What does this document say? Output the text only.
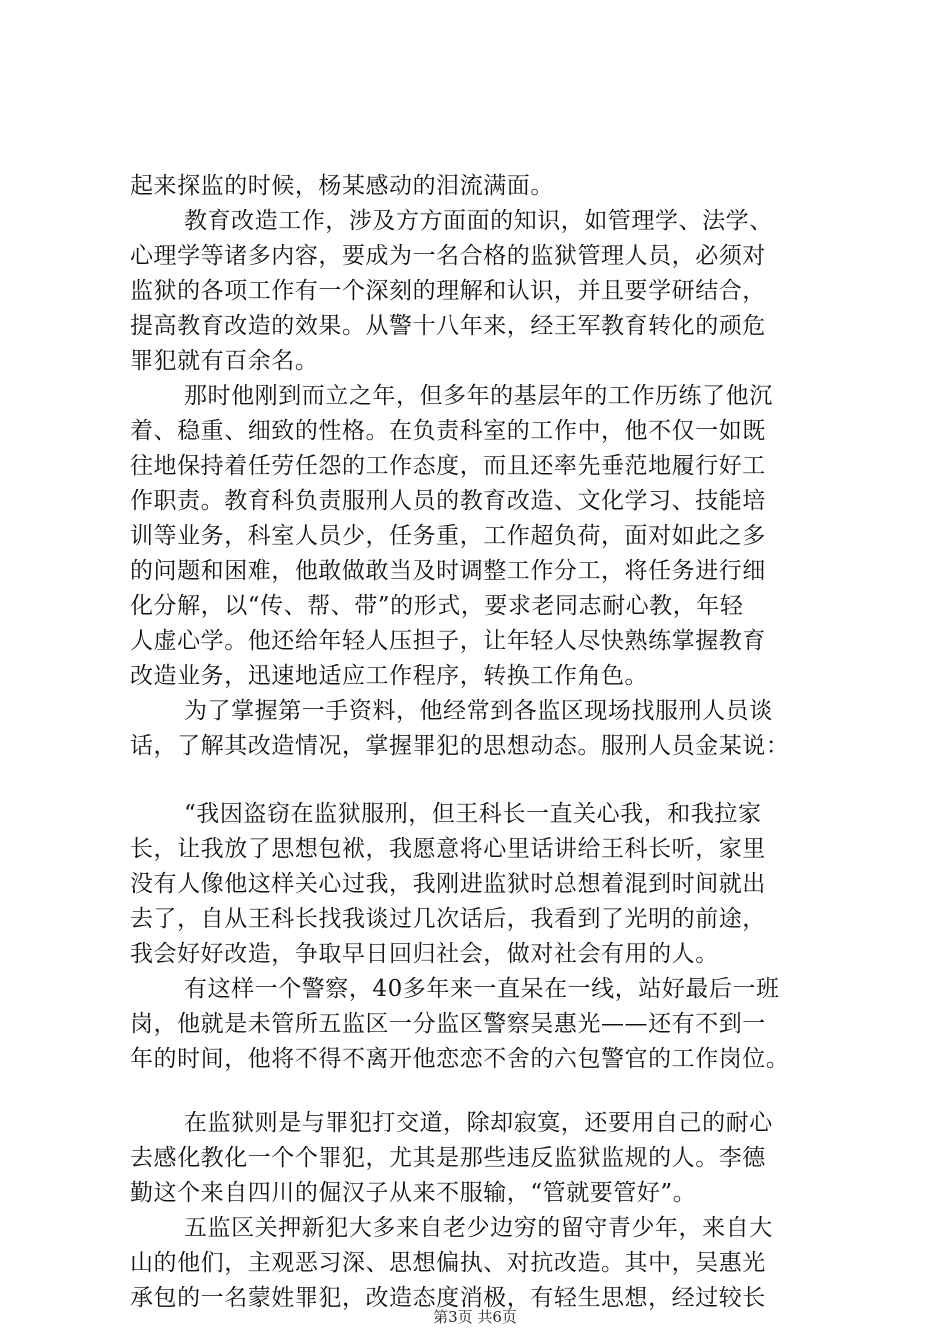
起来探监的时候，杨某感动的泪流满面。
教育改造工作，涉及方方面面的知识，如管理学、法学、
心理学等诸多内容，要成为一名合格的监狱管理人员，必须对
监狱的各项工作有一个深刻的理解和认识，并且要学研结合，
提高教育改造的效果。从警十八年来，经王军教育转化的顽危
罪犯就有百余名。
那时他刚到而立之年，但多年的基层年的工作历练了他沉
着、稳重、细致的性格。在负责科室的工作中，他不仅一如既
往地保持着任劳任怨的工作态度，而且还率先垂范地履行好工
作职责。教育科负责服刑人员的教育改造、文化学习、技能培
训等业务，科室人员少，任务重，工作超负荷，面对如此之多
的问题和困难，他敢做敢当及时调整工作分工，将任务进行细
化分解，以“传、帮、带”的形式，要求老同志耐心教，年轻
人虚心学。他还给年轻人压担子，让年轻人尽快熟练掌握教育
改造业务，迅速地适应工作程序，转换工作角色。
为了掌握第一手资料，他经常到各监区现场找服刑人员谈
话，了解其改造情况，掌握罪犯的思想动态。服刑人员金某说：
“我因盗窃在监狱服刑，但王科长一直关心我，和我拉家
长，让我放了思想包袱，我愿意将心里话讲给王科长听，家里
没有人像他这样关心过我，我刚进监狱时总想着混到时间就出
去了，自从王科长找我谈过几次话后，我看到了光明的前途，
我会好好改造，争取早日回归社会，做对社会有用的人。
有这样一个警察，40多年来一直呆在一线，站好最后一班
岗，他就是未管所五监区一分监区警察吴惠光——还有不到一
年的时间，他将不得不离开他恋恋不舍的六包警官的工作岗位。
在监狱则是与罪犯打交道，除却寂寞，还要用自己的耐心
去感化教化一个个罪犯，尤其是那些违反监狱监规的人。李德
勤这个来自四川的倔汉子从来不服输，“管就要管好”。
五监区关押新犯大多来自老少边穷的留守青少年，来自大
山的他们，主观恶习深、思想偏执、对抗改造。其中，吴惠光
承包的一名蒙姓罪犯，改造态度消极，有轻生思想，经过较长
第3页 共6页
